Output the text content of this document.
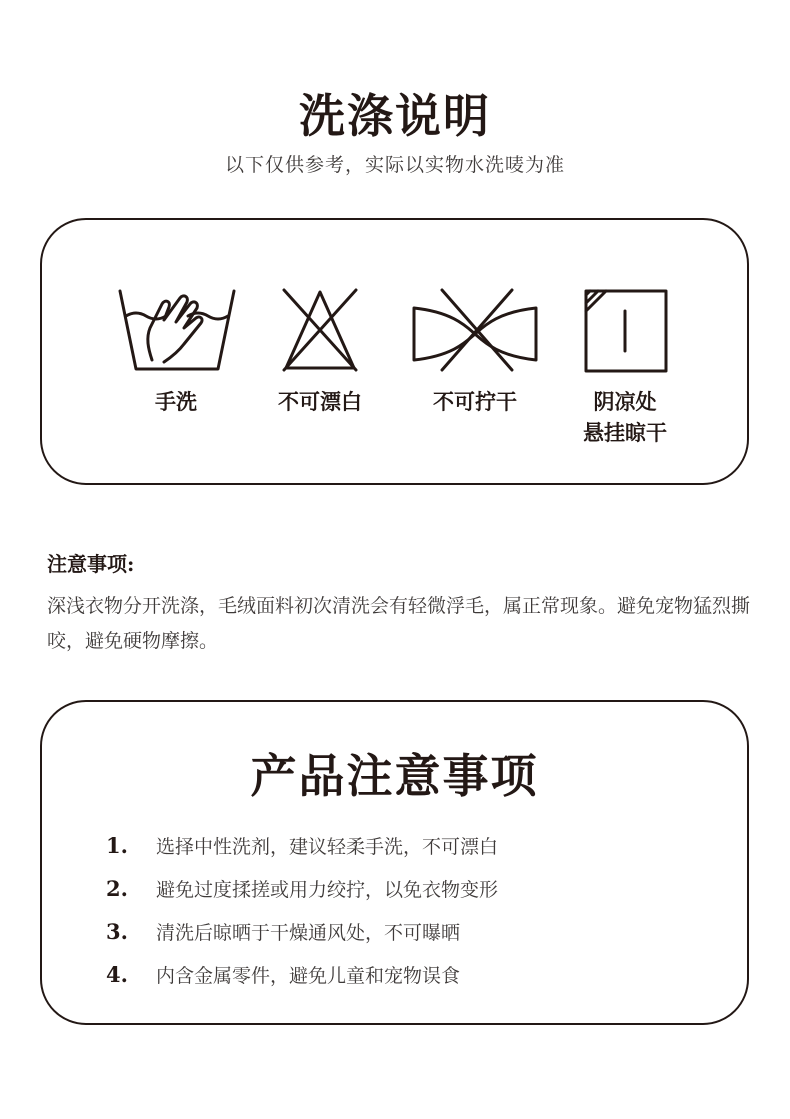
洗涤说明

以下仅供参考，实际以实物水洗唛为准

手洗	不可漂白	不可拧干	阴凉处
悬挂晾干
注意事项:

深浅衣物分开洗涤，毛绒面料初次清洗会有轻微浮毛，属正常现象。避免宠物猛烈撕咬，避免硬物摩擦。

产品注意事项
1.	选择中性洗剂，建议轻柔手洗，不可漂白
2.	避免过度揉搓或用力绞拧，以免衣物变形
3.	清洗后晾晒于干燥通风处，不可曝晒
4.	内含金属零件，避免儿童和宠物误食
